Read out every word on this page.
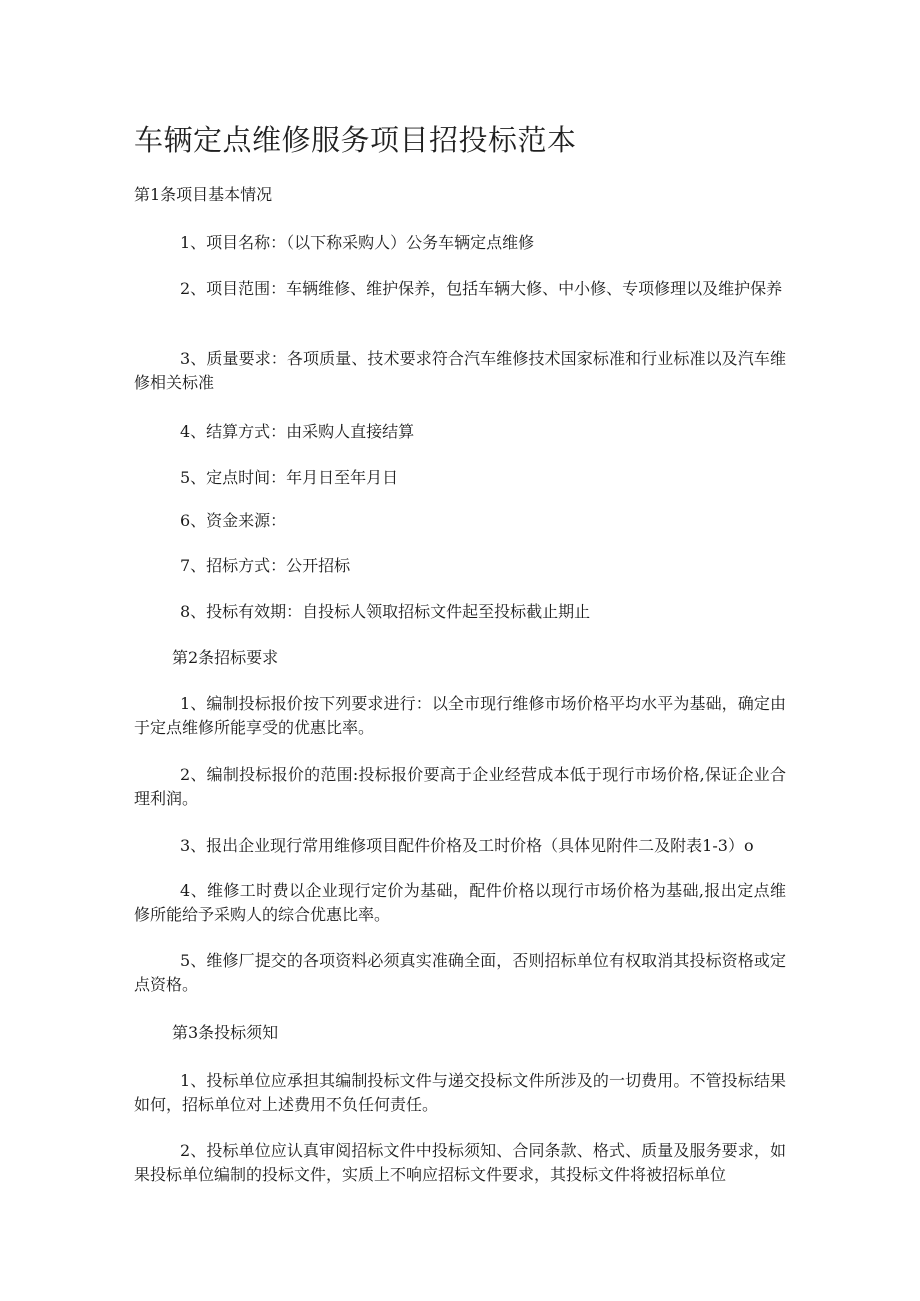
车辆定点维修服务项目招投标范本

第1条项目基本情况

1、项目名称：（以下称采购人）公务车辆定点维修

2、项目范围：车辆维修、维护保养，包括车辆大修、中小修、专项修理以及维护保养

3、质量要求：各项质量、技术要求符合汽车维修技术国家标准和行业标准以及汽车维修相关标准

4、结算方式：由采购人直接结算

5、定点时间：年月日至年月日

6、资金来源：

7、招标方式：公开招标

8、投标有效期：自投标人领取招标文件起至投标截止期止

第2条招标要求

1、编制投标报价按下列要求进行：以全市现行维修市场价格平均水平为基础，确定由于定点维修所能享受的优惠比率。

2、编制投标报价的范围:投标报价要高于企业经营成本低于现行市场价格,保证企业合理利润。

3、报出企业现行常用维修项目配件价格及工时价格（具体见附件二及附表1-3）o

4、维修工时费以企业现行定价为基础，配件价格以现行市场价格为基础,报出定点维修所能给予采购人的综合优惠比率。

5、维修厂提交的各项资料必须真实准确全面，否则招标单位有权取消其投标资格或定点资格。

第3条投标须知

1、投标单位应承担其编制投标文件与递交投标文件所涉及的一切费用。不管投标结果如何，招标单位对上述费用不负任何责任。

2、投标单位应认真审阅招标文件中投标须知、合同条款、格式、质量及服务要求，如果投标单位编制的投标文件，实质上不响应招标文件要求，其投标文件将被招标单位
